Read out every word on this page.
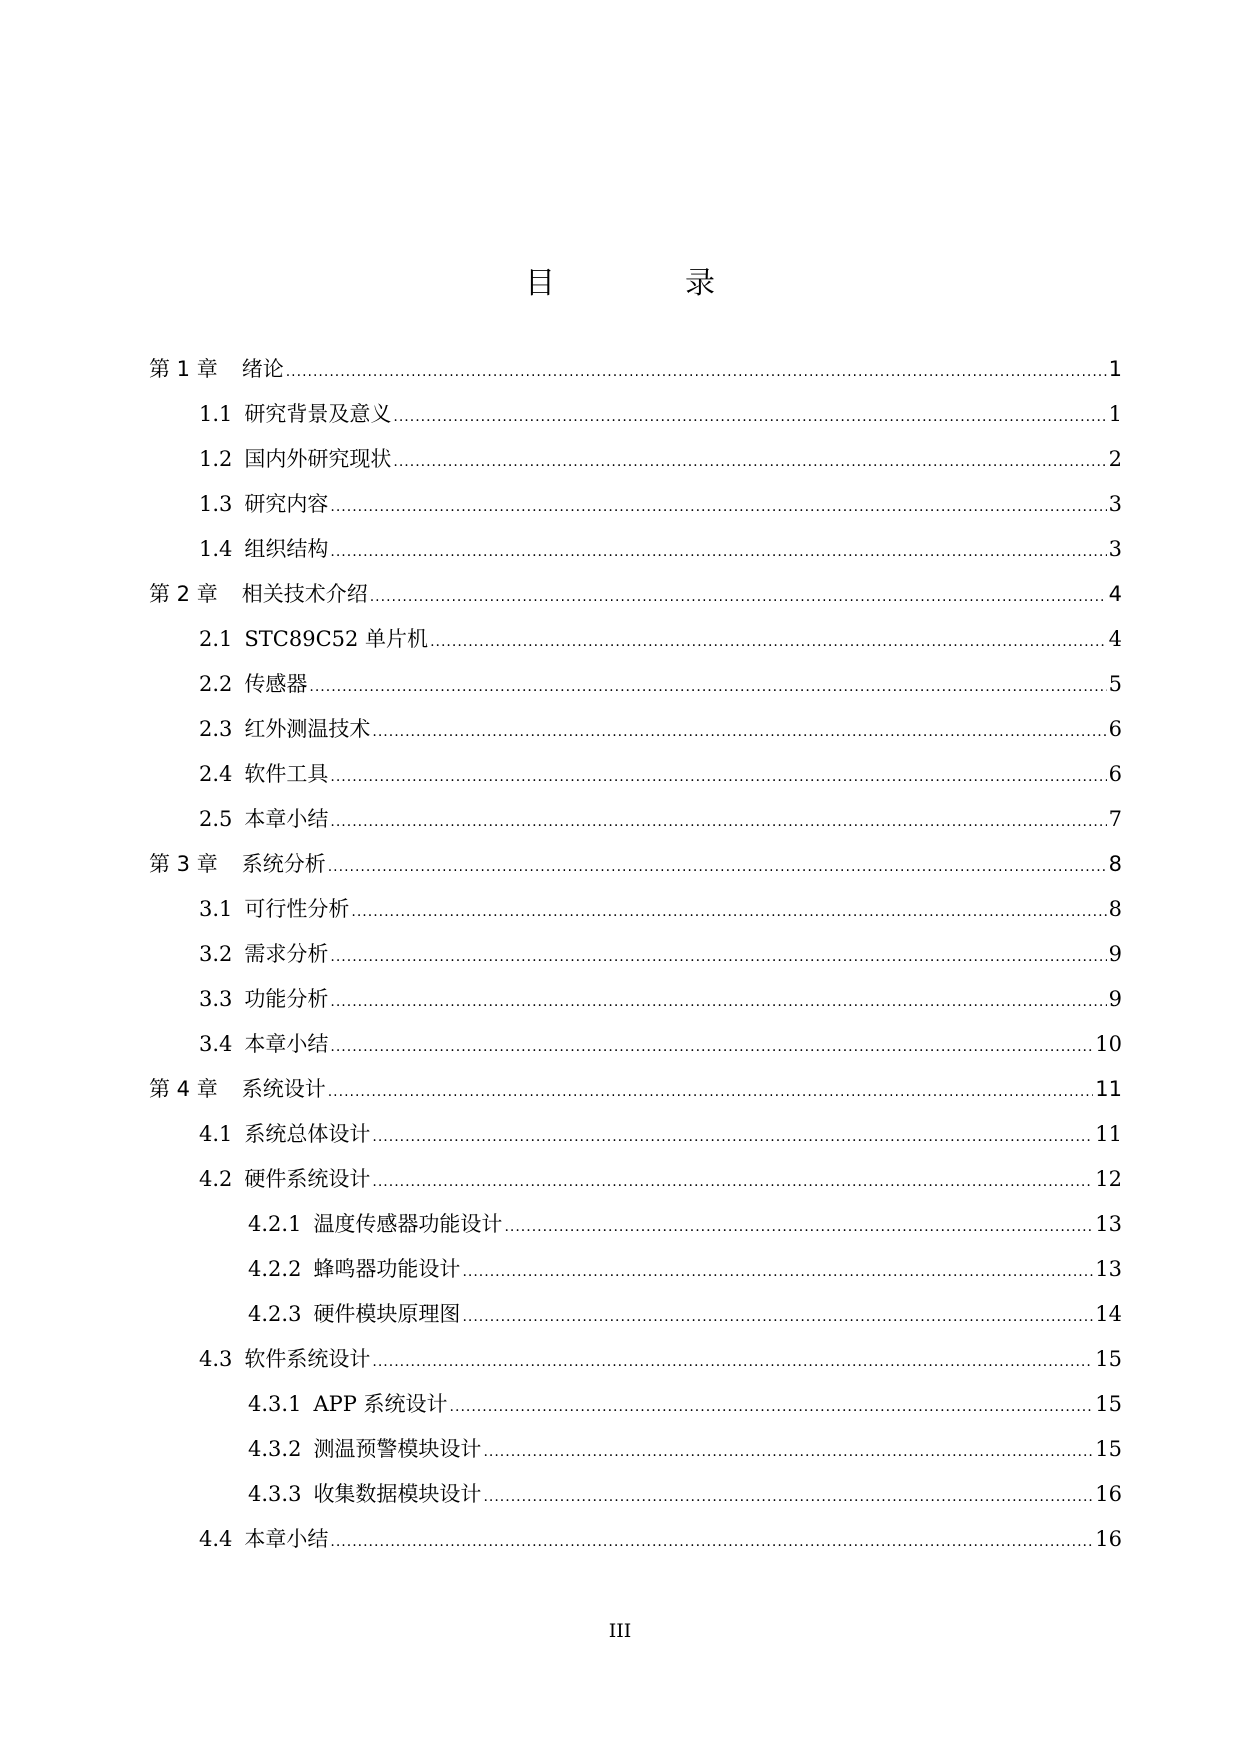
目　录
第 1 章 绪论 .....	1
1.1 研究背景及意义 .....	1
1.2 国内外研究现状 .....	2
1.3 研究内容 .....	3
1.4 组织结构 .....	3
第 2 章 相关技术介绍 .....	4
2.1 STC89C52 单片机 .....	4
2.2 传感器 .....	5
2.3 红外测温技术 .....	6
2.4 软件工具 .....	6
2.5 本章小结 .....	7
第 3 章 系统分析 .....	8
3.1 可行性分析 .....	8
3.2 需求分析 .....	9
3.3 功能分析 .....	9
3.4 本章小结 .....	10
第 4 章 系统设计 .....	11
4.1 系统总体设计 .....	11
4.2 硬件系统设计 .....	12
4.2.1 温度传感器功能设计 .....	13
4.2.2 蜂鸣器功能设计 .....	13
4.2.3 硬件模块原理图 .....	14
4.3 软件系统设计 .....	15
4.3.1 APP 系统设计 .....	15
4.3.2 测温预警模块设计 .....	15
4.3.3 收集数据模块设计 .....	16
4.4 本章小结 .....	16
III
